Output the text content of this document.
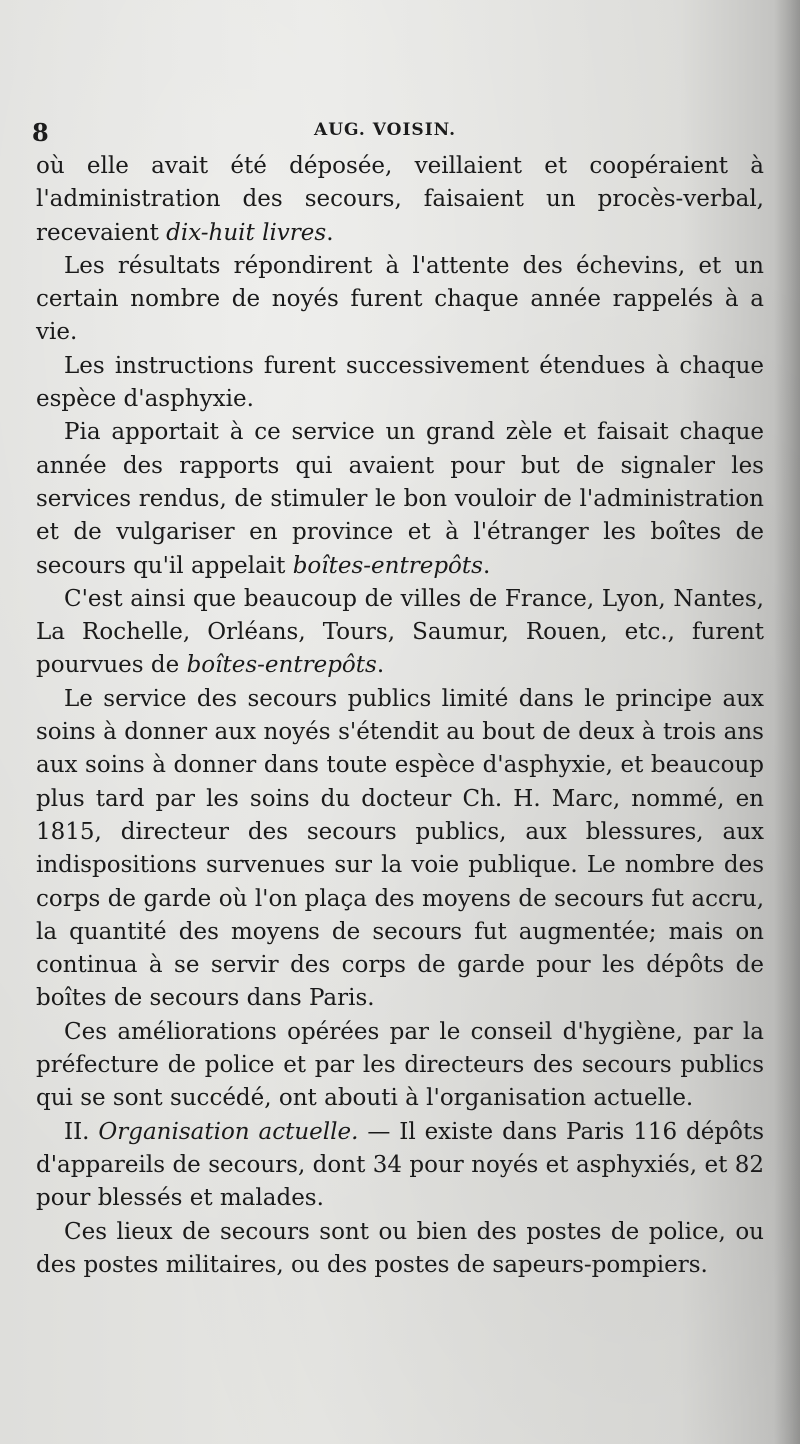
8	AUG. VOISIN.

où elle avait été déposée, veillaient et coopéraient à l'administration des secours, faisaient un procès-verbal, recevaient dix-huit livres.

Les résultats répondirent à l'attente des échevins, et un certain nombre de noyés furent chaque année rappelés à a vie.

Les instructions furent successivement étendues à chaque espèce d'asphyxie.

Pia apportait à ce service un grand zèle et faisait chaque année des rapports qui avaient pour but de signaler les services rendus, de stimuler le bon vouloir de l'administration et de vulgariser en province et à l'étranger les boîtes de secours qu'il appelait boîtes-entrepôts.

C'est ainsi que beaucoup de villes de France, Lyon, Nantes, La Rochelle, Orléans, Tours, Saumur, Rouen, etc., furent pourvues de boîtes-entrepôts.

Le service des secours publics limité dans le principe aux soins à donner aux noyés s'étendit au bout de deux à trois ans aux soins à donner dans toute espèce d'asphyxie, et beaucoup plus tard par les soins du docteur Ch. H. Marc, nommé, en 1815, directeur des secours publics, aux blessures, aux indispositions survenues sur la voie publique. Le nombre des corps de garde où l'on plaça des moyens de secours fut accru, la quantité des moyens de secours fut augmentée; mais on continua à se servir des corps de garde pour les dépôts de boîtes de secours dans Paris.

Ces améliorations opérées par le conseil d'hygiène, par la préfecture de police et par les directeurs des secours publics qui se sont succédé, ont abouti à l'organisation actuelle.

II. Organisation actuelle. — Il existe dans Paris 116 dépôts d'appareils de secours, dont 34 pour noyés et asphyxiés, et 82 pour blessés et malades.

Ces lieux de secours sont ou bien des postes de police, ou des postes militaires, ou des postes de sapeurs-pompiers.
